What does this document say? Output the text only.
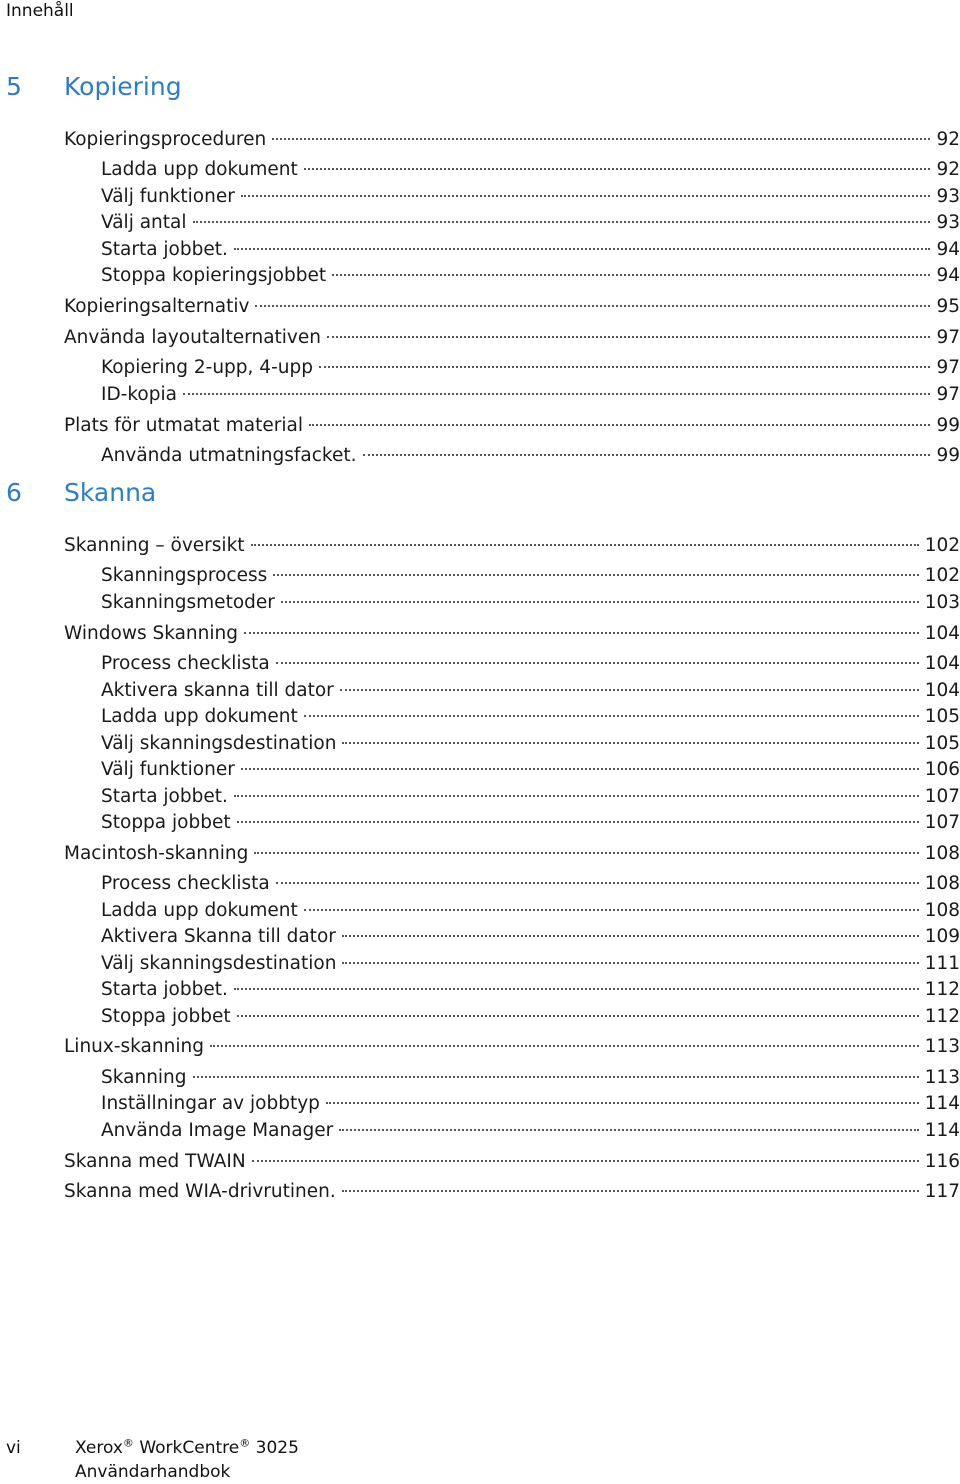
Innehåll
5 Kopiering
Kopieringsproceduren	92
Ladda upp dokument	92
Välj funktioner	93
Välj antal	93
Starta jobbet.	94
Stoppa kopieringsjobbet	94
Kopieringsalternativ	95
Använda layoutalternativen	97
Kopiering 2-upp, 4-upp	97
ID-kopia	97
Plats för utmatat material	99
Använda utmatningsfacket.	99
6 Skanna
Skanning – översikt	102
Skanningsprocess	102
Skanningsmetoder	103
Windows Skanning	104
Process checklista	104
Aktivera skanna till dator	104
Ladda upp dokument	105
Välj skanningsdestination	105
Välj funktioner	106
Starta jobbet.	107
Stoppa jobbet	107
Macintosh-skanning	108
Process checklista	108
Ladda upp dokument	108
Aktivera Skanna till dator	109
Välj skanningsdestination	111
Starta jobbet.	112
Stoppa jobbet	112
Linux-skanning	113
Skanning	113
Inställningar av jobbtyp	114
Använda Image Manager	114
Skanna med TWAIN	116
Skanna med WIA-drivrutinen.	117
vi	Xerox® WorkCentre® 3025
Användarhandbok
